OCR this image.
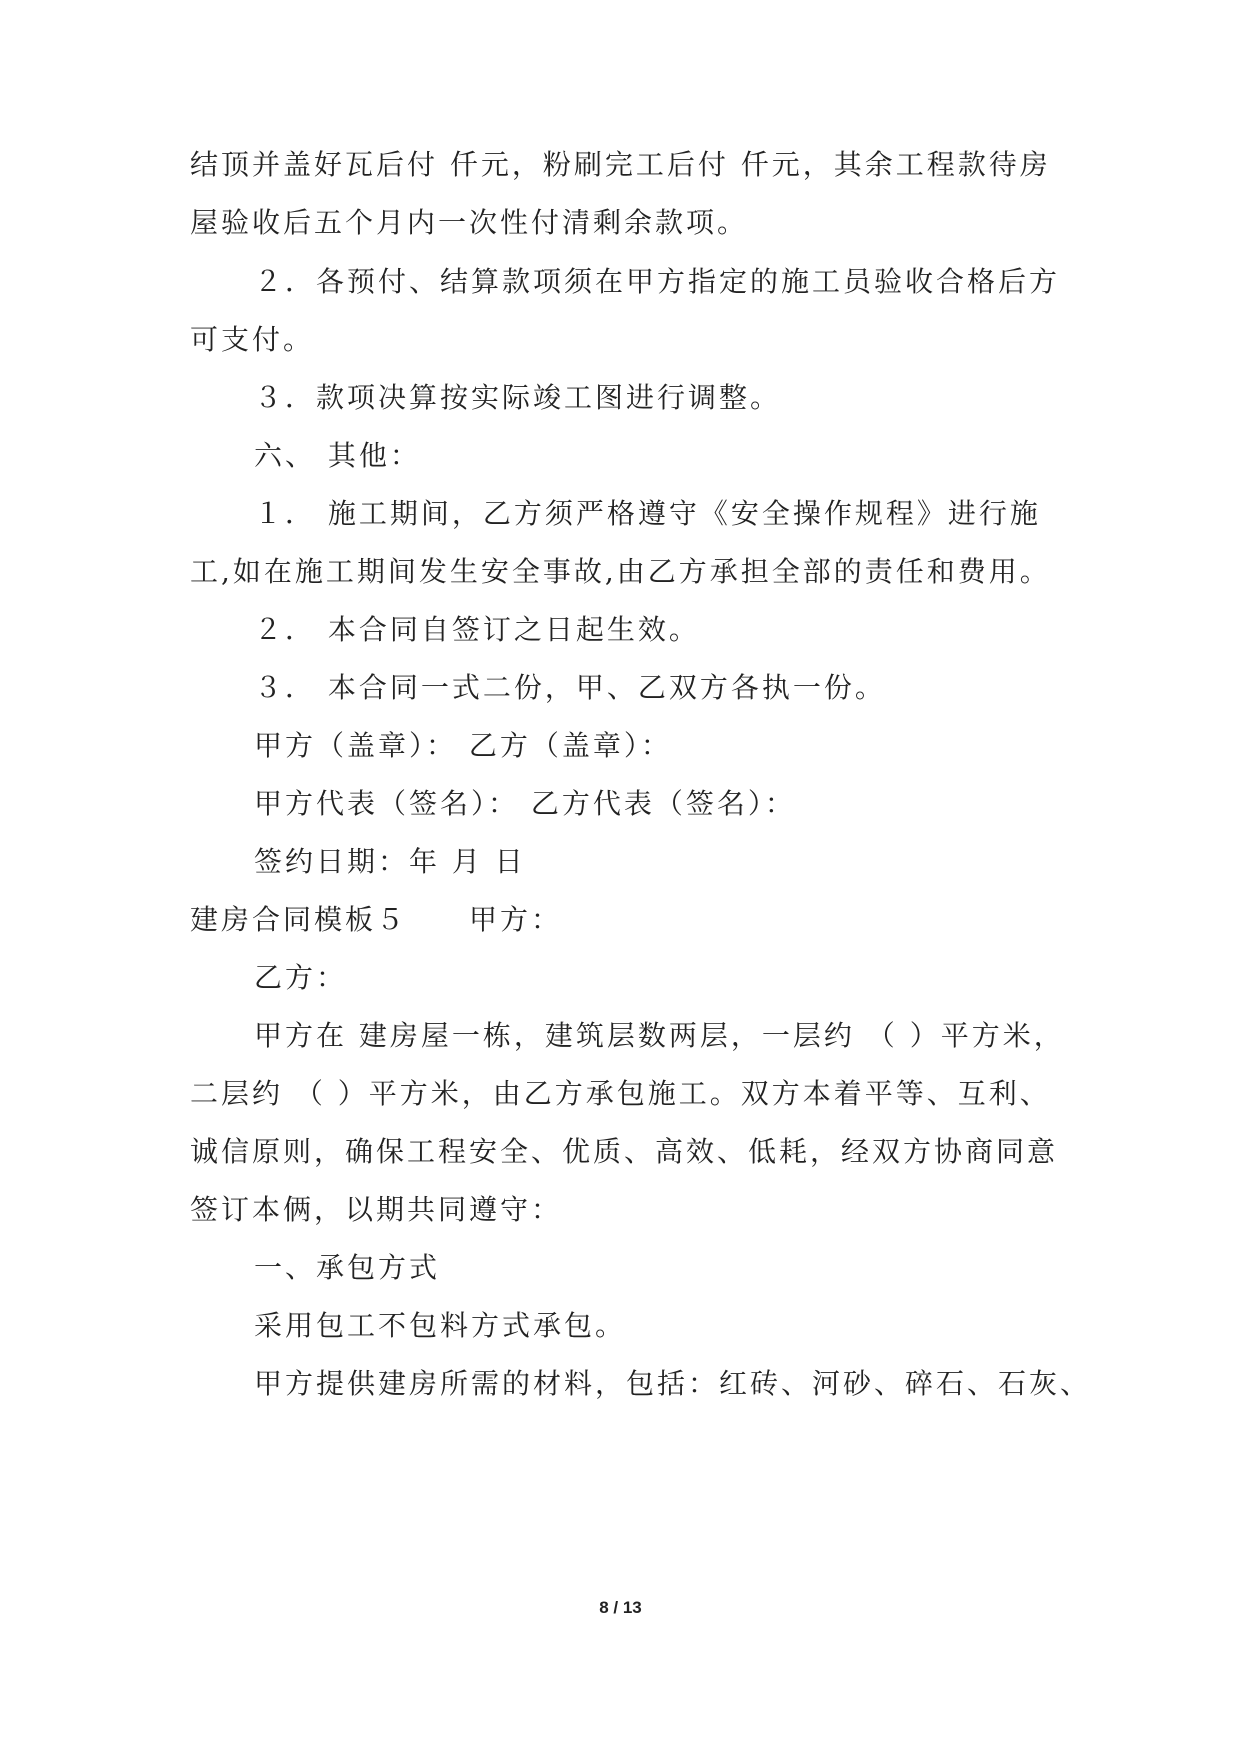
结顶并盖好瓦后付 仟元，粉刷完工后付 仟元，其余工程款待房
屋验收后五个月内一次性付清剩余款项。
２．各预付、结算款项须在甲方指定的施工员验收合格后方
可支付。
３．款项决算按实际竣工图进行调整。
六、 其他：
１． 施工期间，乙方须严格遵守《安全操作规程》进行施
工,如在施工期间发生安全事故,由乙方承担全部的责任和费用。
２． 本合同自签订之日起生效。
３． 本合同一式二份，甲、乙双方各执一份。
甲方（盖章）： 乙方（盖章）：
甲方代表（签名）： 乙方代表（签名）：
签约日期：年 月 日
建房合同模板５　　甲方：
乙方：
甲方在 建房屋一栋，建筑层数两层，一层约 （ ）平方米，
二层约 （ ）平方米，由乙方承包施工。双方本着平等、互利、
诚信原则，确保工程安全、优质、高效、低耗，经双方协商同意
签订本俩，以期共同遵守：
一、承包方式
采用包工不包料方式承包。
甲方提供建房所需的材料，包括：红砖、河砂、碎石、石灰、
8 / 13
